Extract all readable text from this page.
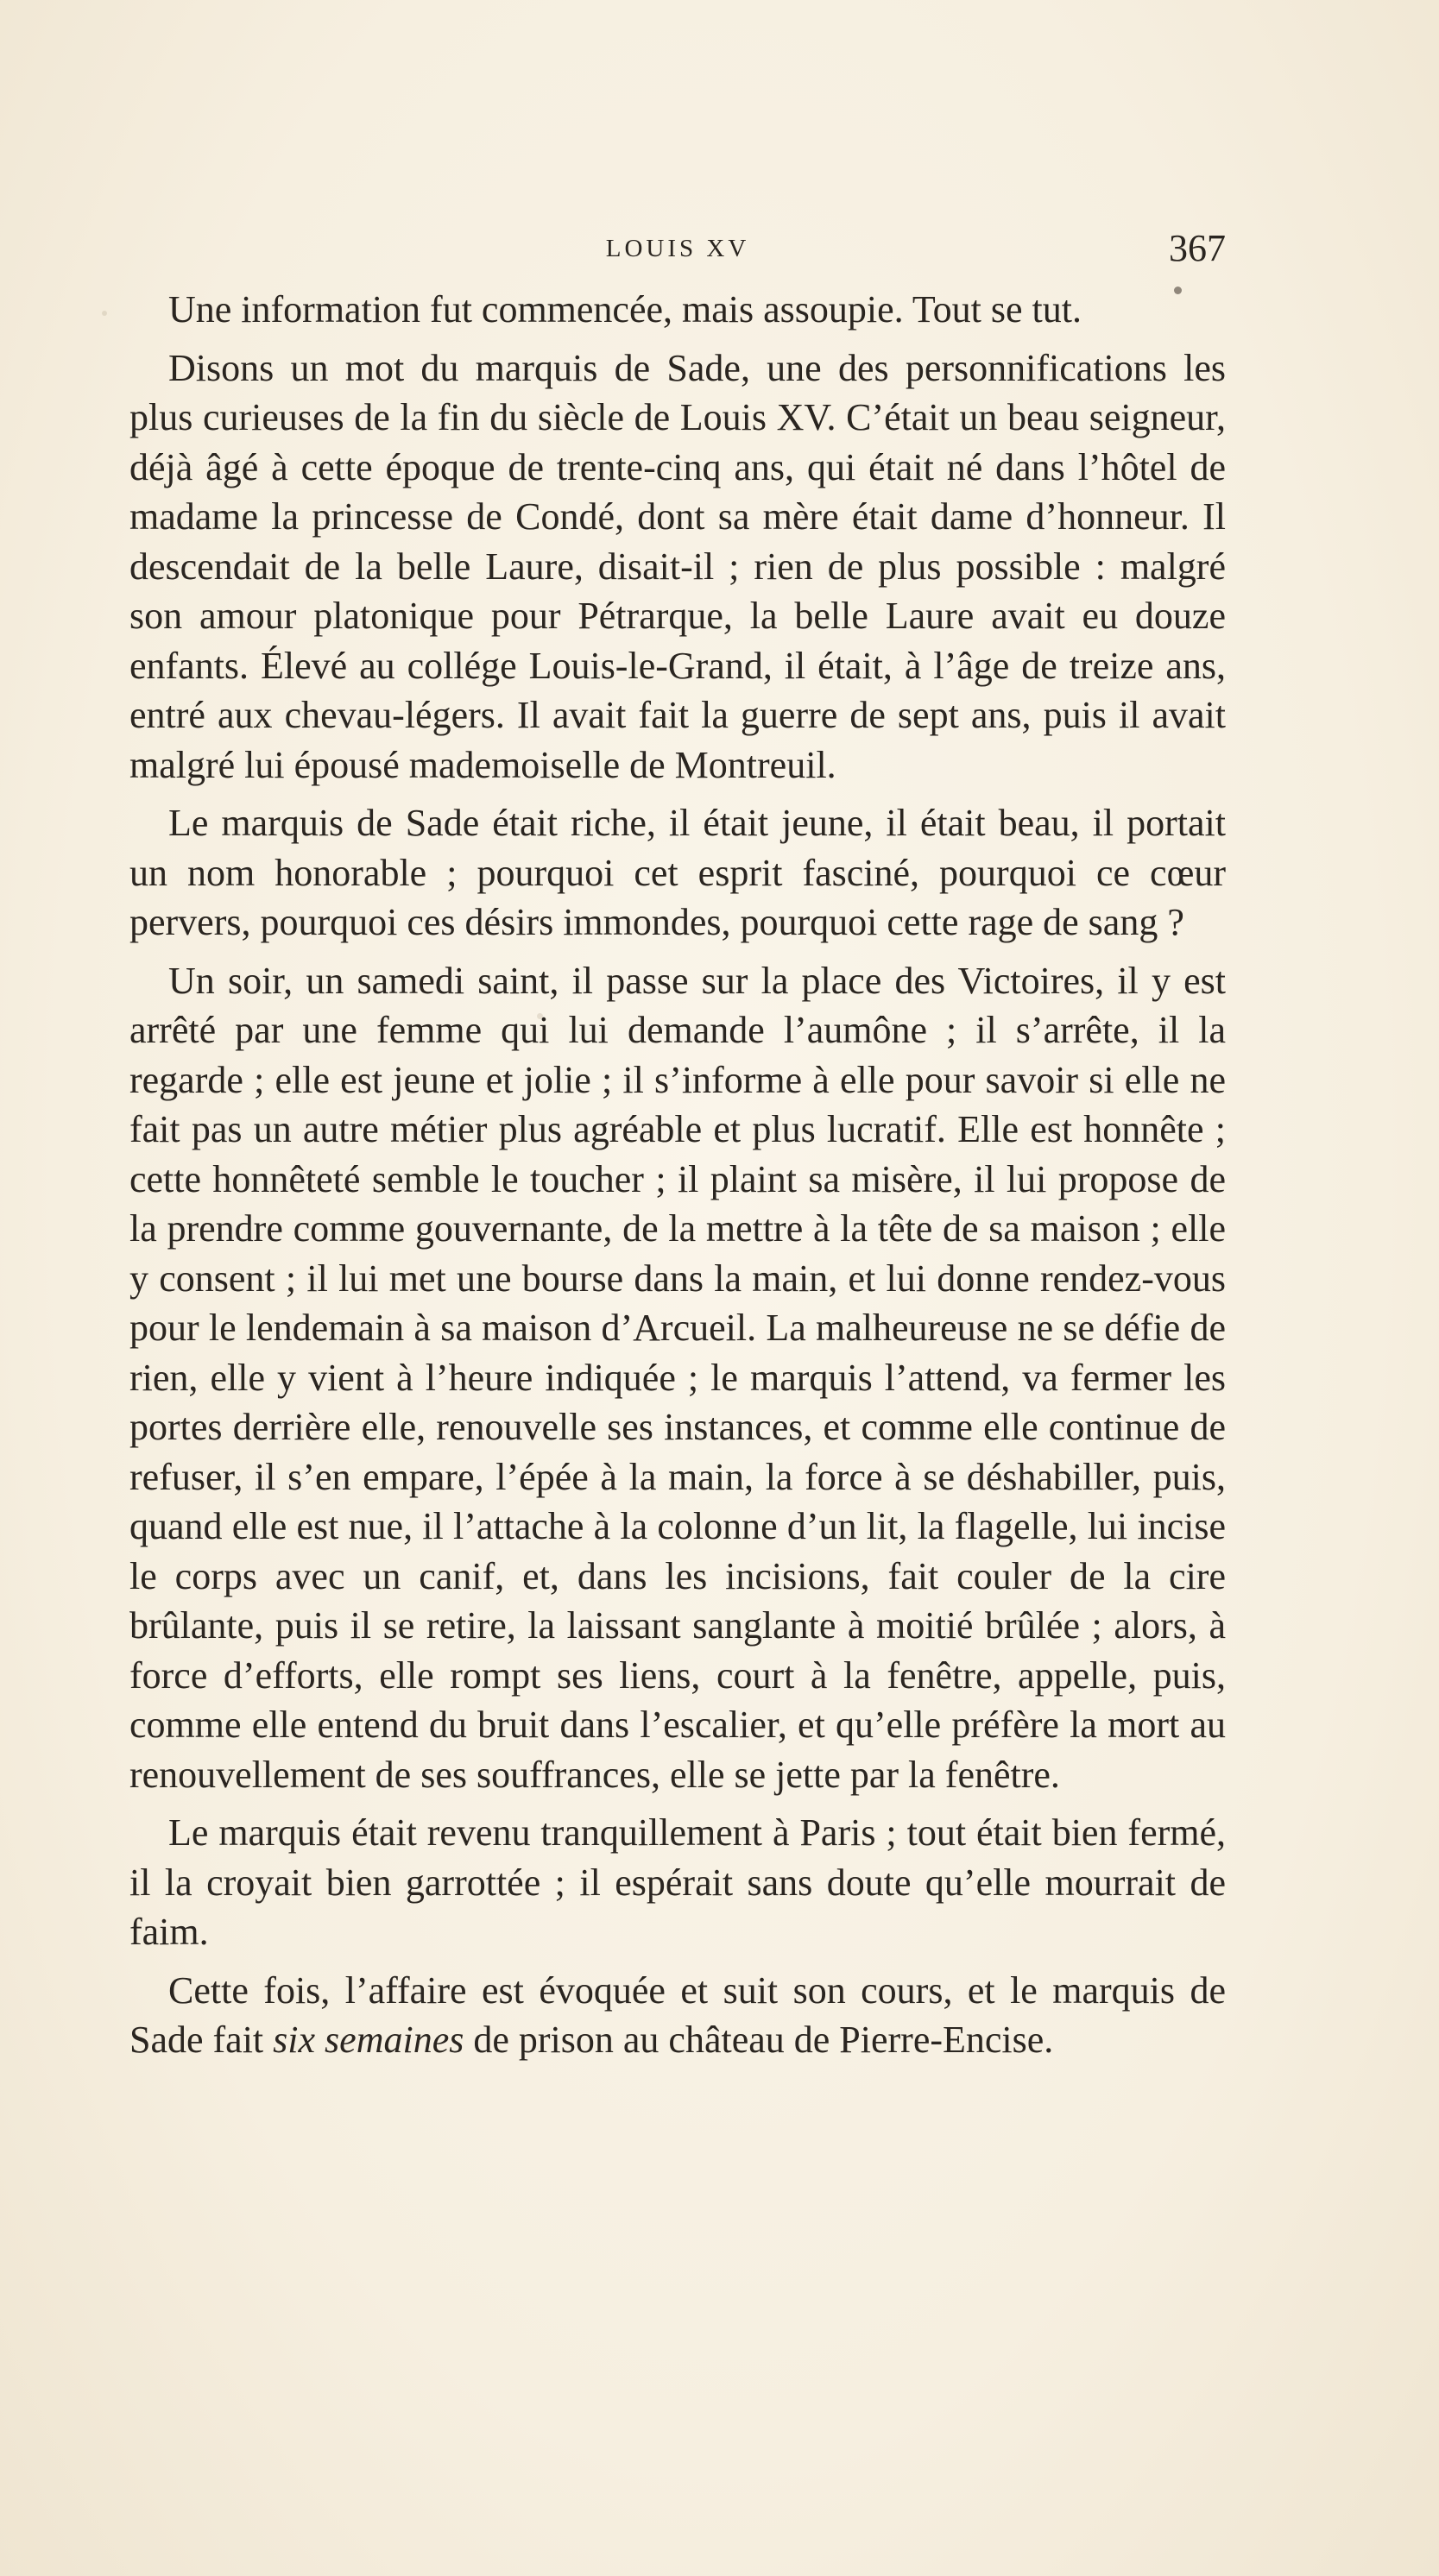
LOUIS XV	367

Une information fut commencée, mais assoupie. Tout se tut.

Disons un mot du marquis de Sade, une des personnifications les plus curieuses de la fin du siècle de Louis XV. C’était un beau seigneur, déjà âgé à cette époque de trente-cinq ans, qui était né dans l’hôtel de madame la princesse de Condé, dont sa mère était dame d’honneur. Il descendait de la belle Laure, disait-il ; rien de plus possible : malgré son amour platonique pour Pétrarque, la belle Laure avait eu douze enfants. Élevé au collége Louis-le-Grand, il était, à l’âge de treize ans, entré aux chevau-légers. Il avait fait la guerre de sept ans, puis il avait malgré lui épousé mademoiselle de Montreuil.

Le marquis de Sade était riche, il était jeune, il était beau, il portait un nom honorable ; pourquoi cet esprit fasciné, pourquoi ce cœur pervers, pourquoi ces désirs immondes, pourquoi cette rage de sang ?

Un soir, un samedi saint, il passe sur la place des Victoires, il y est arrêté par une femme qui lui demande l’aumône ; il s’arrête, il la regarde ; elle est jeune et jolie ; il s’informe à elle pour savoir si elle ne fait pas un autre métier plus agréable et plus lucratif. Elle est honnête ; cette honnêteté semble le toucher ; il plaint sa misère, il lui propose de la prendre comme gouvernante, de la mettre à la tête de sa maison ; elle y consent ; il lui met une bourse dans la main, et lui donne rendez-vous pour le lendemain à sa maison d’Arcueil. La malheureuse ne se défie de rien, elle y vient à l’heure indiquée ; le marquis l’attend, va fermer les portes derrière elle, renouvelle ses instances, et comme elle continue de refuser, il s’en empare, l’épée à la main, la force à se déshabiller, puis, quand elle est nue, il l’attache à la colonne d’un lit, la flagelle, lui incise le corps avec un canif, et, dans les incisions, fait couler de la cire brûlante, puis il se retire, la laissant sanglante à moitié brûlée ; alors, à force d’efforts, elle rompt ses liens, court à la fenêtre, appelle, puis, comme elle entend du bruit dans l’escalier, et qu’elle préfère la mort au renouvellement de ses souffrances, elle se jette par la fenêtre.

Le marquis était revenu tranquillement à Paris ; tout était bien fermé, il la croyait bien garrottée ; il espérait sans doute qu’elle mourrait de faim.

Cette fois, l’affaire est évoquée et suit son cours, et le marquis de Sade fait six semaines de prison au château de Pierre-Encise.
